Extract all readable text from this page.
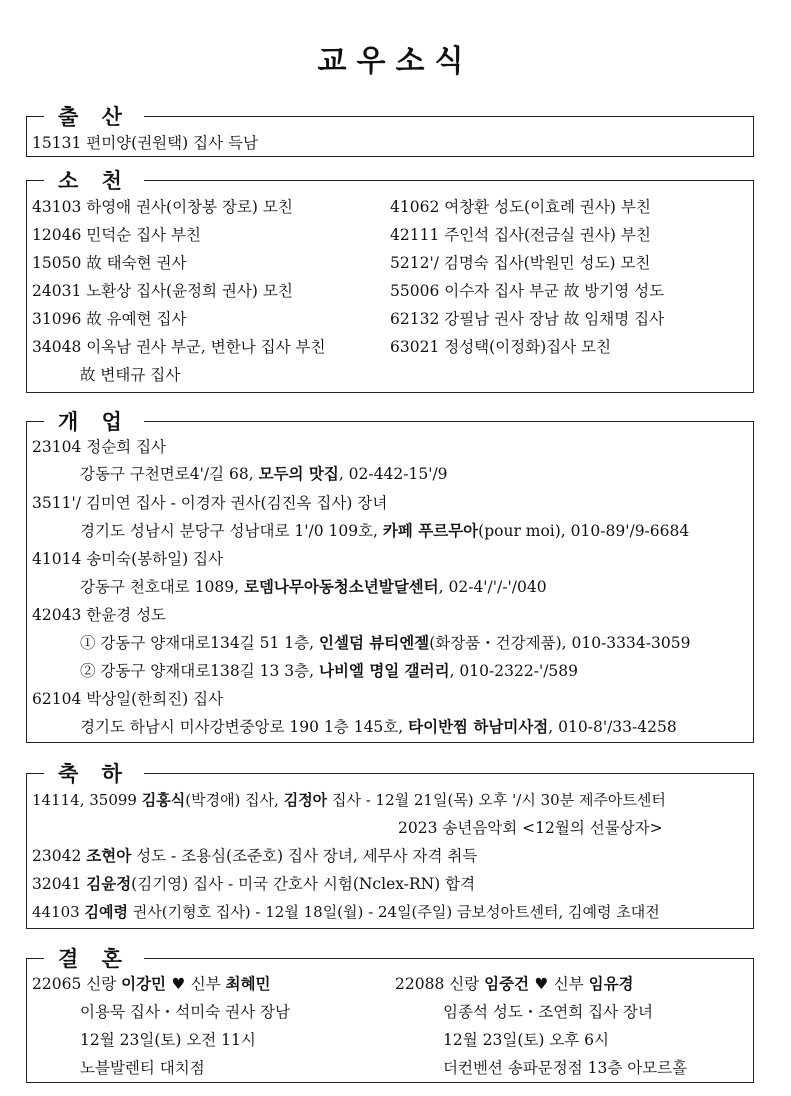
교우소식
출 산
15131 편미양(권원택) 집사 득남
소 천
43103 하영애 권사(이창봉 장로) 모친
12046 민덕순 집사 부친
15050 故 태숙현 권사
24031 노환상 집사(윤정희 권사) 모친
31096 故 유예현 집사
34048 이옥남 권사 부군, 변한나 집사 부친
故 변태규 집사
41062 여창환 성도(이효례 권사) 부친
42111 주인석 집사(전금실 권사) 부친
5212'/ 김명숙 집사(박원민 성도) 모친
55006 이수자 집사 부군 故 방기영 성도
62132 강필남 권사 장남 故 임채명 집사
63021 정성택(이정화)집사 모친
개 업
23104 정순희 집사
강동구 구천면로4'/길 68, 모두의 맛집, 02-442-15'/9
3511'/ 김미연 집사 - 이경자 권사(김진옥 집사) 장녀
경기도 성남시 분당구 성남대로 1'/0 109호, 카페 푸르무아(pour moi), 010-89'/9-6684
41014 송미숙(봉하일) 집사
강동구 천호대로 1089, 로뎀나무아동청소년발달센터, 02-4'/'/-'/040
42043 한윤경 성도
① 강동구 양재대로134길 51 1층, 인셀덤 뷰티엔젤(화장품・건강제품), 010-3334-3059
② 강동구 양재대로138길 13 3층, 나비엘 명일 갤러리, 010-2322-'/589
62104 박상일(한희진) 집사
경기도 하남시 미사강변중앙로 190 1층 145호, 타이반찜 하남미사점, 010-8'/33-4258
축 하
14114, 35099 김홍식(박경애) 집사, 김정아 집사 - 12월 21일(목) 오후 '/시 30분 제주아트센터
2023 송년음악회 <12월의 선물상자>
23042 조현아 성도 - 조용심(조준호) 집사 장녀, 세무사 자격 취득
32041 김윤정(김기영) 집사 - 미국 간호사 시험(Nclex-RN) 합격
44103 김예령 권사(기형호 집사) - 12월 18일(월) - 24일(주일) 금보성아트센터, 김예령 초대전
결 혼
22065 신랑 이강민 ♥ 신부 최혜민
이용묵 집사・석미숙 권사 장남
12월 23일(토) 오전 11시
노블발렌티 대치점
22088 신랑 임중건 ♥ 신부 임유경
임종석 성도・조연희 집사 장녀
12월 23일(토) 오후 6시
더컨벤션 송파문정점 13층 아모르홀
